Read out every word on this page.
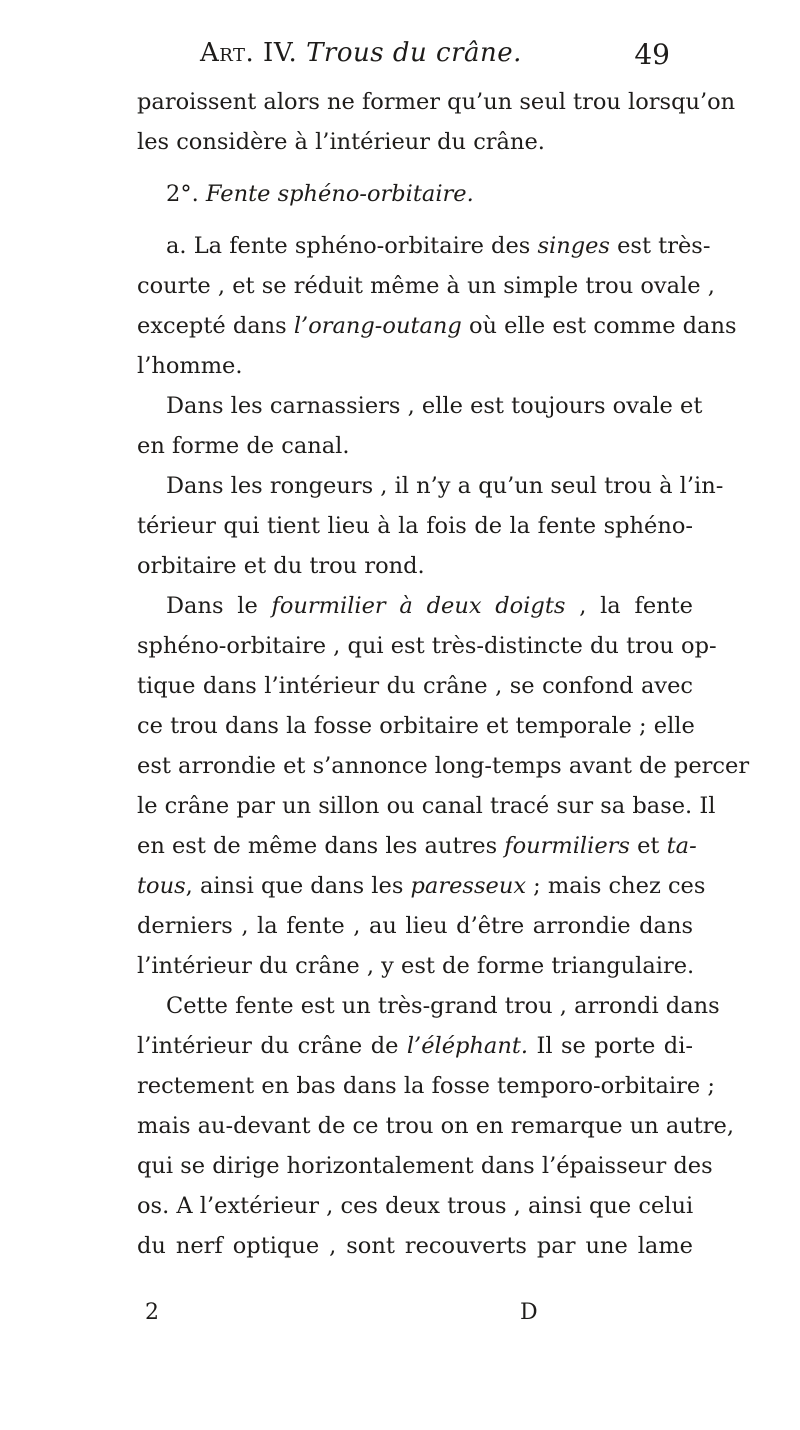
Art. IV. Trous du crâne.	49
paroissent alors ne former qu’un seul trou lorsqu’on
les considère à l’intérieur du crâne.
2°. Fente sphéno-orbitaire.
a. La fente sphéno-orbitaire des singes est très-
courte , et se réduit même à un simple trou ovale ,
excepté dans l’orang-outang où elle est comme dans
l’homme.
Dans les carnassiers , elle est toujours ovale et
en forme de canal.
Dans les rongeurs , il n’y a qu’un seul trou à l’in-
térieur qui tient lieu à la fois de la fente sphéno-
orbitaire et du trou rond.
Dans le fourmilier à deux doigts , la fente
sphéno-orbitaire , qui est très-distincte du trou op-
tique dans l’intérieur du crâne , se confond avec
ce trou dans la fosse orbitaire et temporale ; elle
est arrondie et s’annonce long-temps avant de percer
le crâne par un sillon ou canal tracé sur sa base. Il
en est de même dans les autres fourmiliers et ta-
tous, ainsi que dans les paresseux ; mais chez ces
derniers , la fente , au lieu d’être arrondie dans
l’intérieur du crâne , y est de forme triangulaire.
Cette fente est un très-grand trou , arrondi dans
l’intérieur du crâne de l’éléphant. Il se porte di-
rectement en bas dans la fosse temporo-orbitaire ;
mais au-devant de ce trou on en remarque un autre,
qui se dirige horizontalement dans l’épaisseur des
os. A l’extérieur , ces deux trous , ainsi que celui
du nerf optique , sont recouverts par une lame
2	D
